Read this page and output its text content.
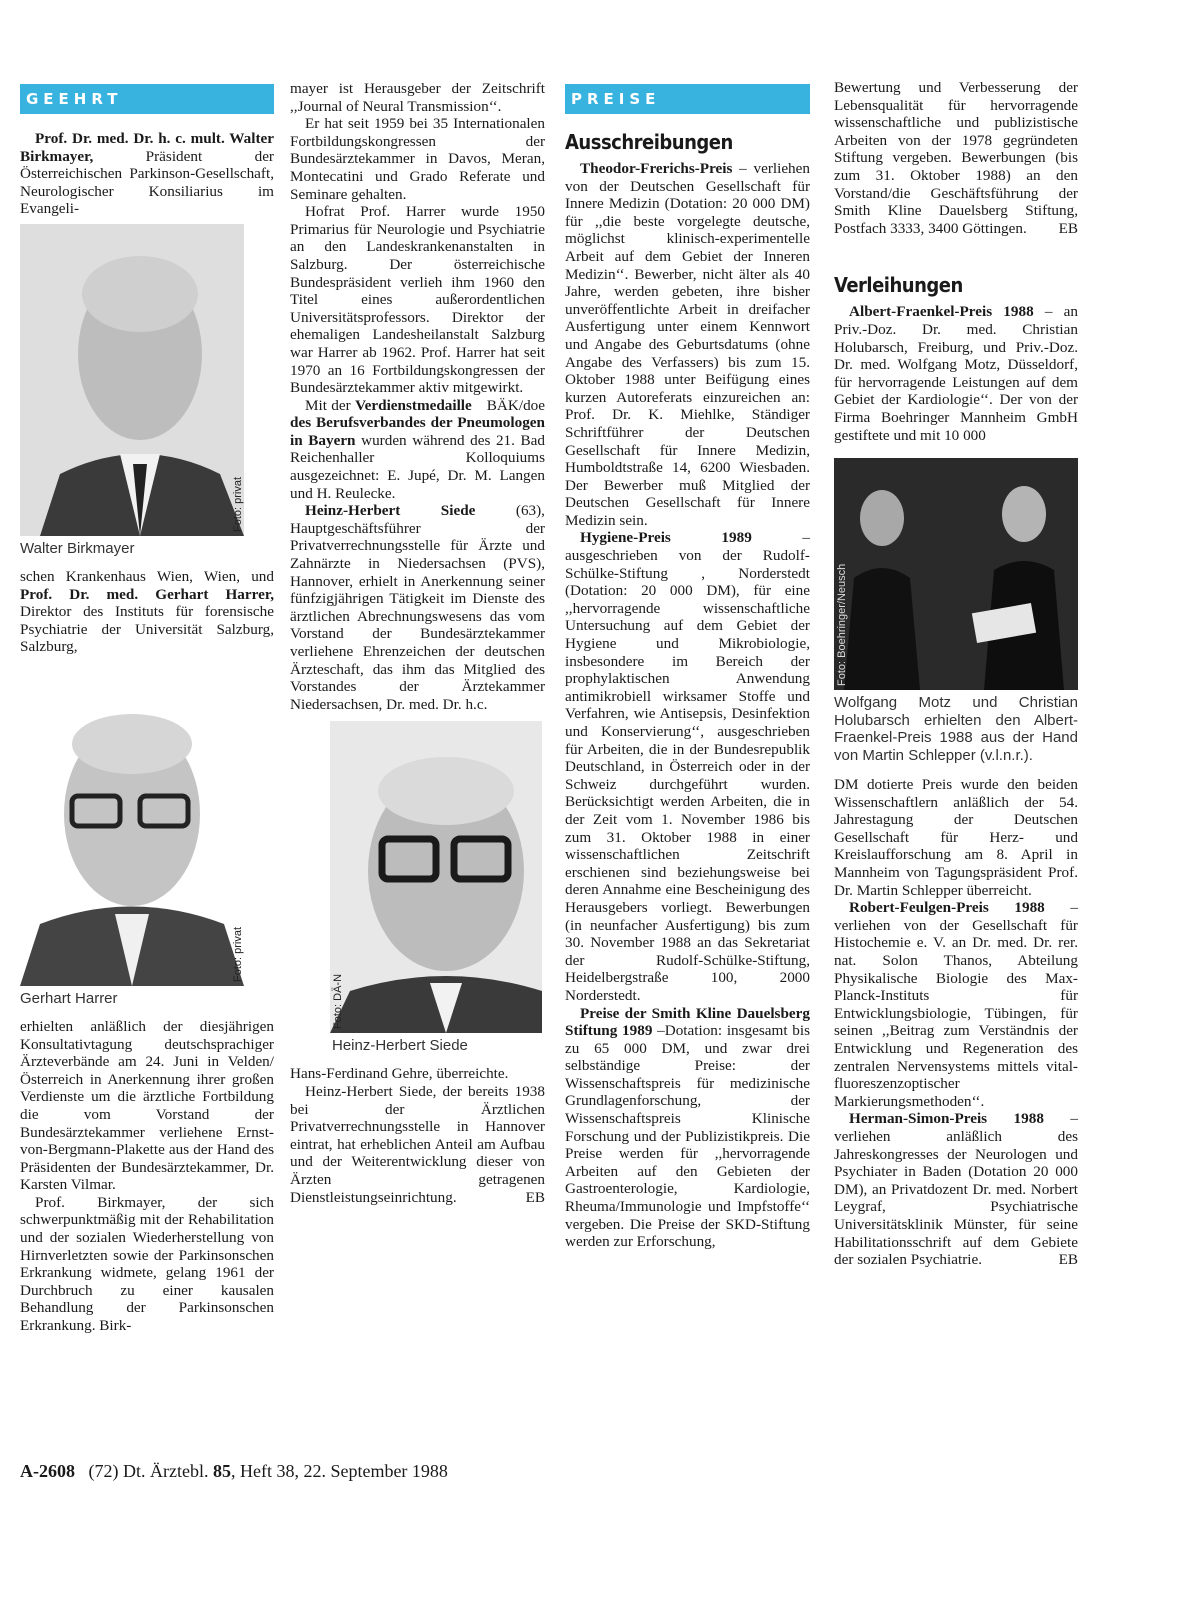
GEEHRT

Prof. Dr. med. Dr. h. c. mult. Walter Birkmayer, Präsident der Österreichischen Parkinson-Gesellschaft, Neurologischer Konsiliarius im Evangeli-

Foto: privat
Walter Birkmayer

schen Krankenhaus Wien, Wien, und Prof. Dr. med. Gerhart Harrer, Direktor des Instituts für forensische Psychiatrie der Universität Salzburg, Salzburg,

Foto: privat
Gerhart Harrer

erhielten anläßlich der diesjährigen Konsultativtagung deutschsprachiger Ärzteverbände am 24. Juni in Velden/Österreich in Anerkennung ihrer großen Verdienste um die ärztliche Fortbildung die vom Vorstand der Bundesärztekammer verliehene Ernst-von-Bergmann-Plakette aus der Hand des Präsidenten der Bundesärztekammer, Dr. Karsten Vilmar.

Prof. Birkmayer, der sich schwerpunktmäßig mit der Rehabilitation und der sozialen Wiederherstellung von Hirnverletzten sowie der Parkinsonschen Erkrankung widmete, gelang 1961 der Durchbruch zu einer kausalen Behandlung der Parkinsonschen Erkrankung. Birk-

mayer ist Herausgeber der Zeitschrift ,,Journal of Neural Transmission‘‘.

Er hat seit 1959 bei 35 Internationalen Fortbildungskongressen der Bundesärztekammer in Davos, Meran, Montecatini und Grado Referate und Seminare gehalten.

Hofrat Prof. Harrer wurde 1950 Primarius für Neurologie und Psychiatrie an den Landeskrankenanstalten in Salzburg. Der österreichische Bundespräsident verlieh ihm 1960 den Titel eines außerordentlichen Universitätsprofessors. Direktor der ehemaligen Landesheilanstalt Salzburg war Harrer ab 1962. Prof. Harrer hat seit 1970 an 16 Fortbildungskongressen der Bundesärztekammer aktiv mitgewirkt.
BÄK/doe

Mit der Verdienstmedaille des Berufsverbandes der Pneumologen in Bayern wurden während des 21. Bad Reichenhaller Kolloquiums ausgezeichnet: E. Jupé, Dr. M. Langen und H. Reulecke.

Heinz-Herbert Siede (63), Hauptgeschäftsführer der Privatverrechnungsstelle für Ärzte und Zahnärzte in Niedersachsen (PVS), Hannover, erhielt in Anerkennung seiner fünfzigjährigen Tätigkeit im Dienste des ärztlichen Abrechnungswesens das vom Vorstand der Bundesärztekammer verliehene Ehrenzeichen der deutschen Ärzteschaft, das ihm das Mitglied des Vorstandes der Ärztekammer Niedersachsen, Dr. med. Dr. h.c.

Foto: DÄ-N
Heinz-Herbert Siede

Hans-Ferdinand Gehre, überreichte.

Heinz-Herbert Siede, der bereits 1938 bei der Ärztlichen Privatverrechnungsstelle in Hannover eintrat, hat erheblichen Anteil am Aufbau und der Weiterentwicklung dieser von Ärzten getragenen Dienstleistungseinrichtung.	EB

PREISE
Ausschreibungen

Theodor-Frerichs-Preis – verliehen von der Deutschen Gesellschaft für Innere Medizin (Dotation: 20 000 DM) für ,,die beste vorgelegte deutsche, möglichst klinisch-experimentelle Arbeit auf dem Gebiet der Inneren Medizin‘‘. Bewerber, nicht älter als 40 Jahre, werden gebeten, ihre bisher unveröffentlichte Arbeit in dreifacher Ausfertigung unter einem Kennwort und Angabe des Geburtsdatums (ohne Angabe des Verfassers) bis zum 15. Oktober 1988 unter Beifügung eines kurzen Autoreferats einzureichen an: Prof. Dr. K. Miehlke, Ständiger Schriftführer der Deutschen Gesellschaft für Innere Medizin, Humboldtstraße 14, 6200 Wiesbaden. Der Bewerber muß Mitglied der Deutschen Gesellschaft für Innere Medizin sein.

Hygiene-Preis 1989 – ausgeschrieben von der Rudolf-Schülke-Stiftung , Norderstedt (Dotation: 20 000 DM), für eine ,,hervorragende wissenschaftliche Untersuchung auf dem Gebiet der Hygiene und Mikrobiologie, insbesondere im Bereich der prophylaktischen Anwendung antimikrobiell wirksamer Stoffe und Verfahren, wie Antisepsis, Desinfektion und Konservierung‘‘, ausgeschrieben für Arbeiten, die in der Bundesrepublik Deutschland, in Österreich oder in der Schweiz durchgeführt wurden. Berücksichtigt werden Arbeiten, die in der Zeit vom 1. November 1986 bis zum 31. Oktober 1988 in einer wissenschaftlichen Zeitschrift erschienen sind beziehungsweise bei deren Annahme eine Bescheinigung des Herausgebers vorliegt. Bewerbungen (in neunfacher Ausfertigung) bis zum 30. November 1988 an das Sekretariat der Rudolf-Schülke-Stiftung, Heidelbergstraße 100, 2000 Norderstedt.

Preise der Smith Kline Dauelsberg Stiftung 1989 –Dotation: insgesamt bis zu 65 000 DM, und zwar drei selbständige Preise: der Wissenschaftspreis für medizinische Grundlagenforschung, der Wissenschaftspreis Klinische Forschung und der Publizistikpreis. Die Preise werden für ,,hervorragende Arbeiten auf den Gebieten der Gastroenterologie, Kardiologie, Rheuma/Immunologie und Impfstoffe‘‘ vergeben. Die Preise der SKD-Stiftung werden zur Erforschung,

Bewertung und Verbesserung der Lebensqualität für hervorragende wissenschaftliche und publizistische Arbeiten von der 1978 gegründeten Stiftung vergeben. Bewerbungen (bis zum 31. Oktober 1988) an den Vorstand/die Geschäftsführung der Smith Kline Dauelsberg Stiftung, Postfach 3333, 3400 Göttingen. EB

Verleihungen

Albert-Fraenkel-Preis 1988 – an Priv.-Doz. Dr. med. Christian Holubarsch, Freiburg, und Priv.-Doz. Dr. med. Wolfgang Motz, Düsseldorf, für hervorragende Leistungen auf dem Gebiet der Kardiologie‘‘. Der von der Firma Boehringer Mannheim GmbH gestiftete und mit 10 000

Foto: Boehringer/Neusch
Wolfgang Motz und Christian Holubarsch erhielten den Albert-Fraenkel-Preis 1988 aus der Hand von Martin Schlepper (v.l.n.r.).

DM dotierte Preis wurde den beiden Wissenschaftlern anläßlich der 54. Jahrestagung der Deutschen Gesellschaft für Herz- und Kreislaufforschung am 8. April in Mannheim von Tagungspräsident Prof. Dr. Martin Schlepper überreicht.

Robert-Feulgen-Preis 1988 – verliehen von der Gesellschaft für Histochemie e. V. an Dr. med. Dr. rer. nat. Solon Thanos, Abteilung Physikalische Biologie des Max-Planck-Instituts für Entwicklungsbiologie, Tübingen, für seinen ,,Beitrag zum Verständnis der Entwicklung und Regeneration des zentralen Nervensystems mittels vital-fluoreszenzoptischer Markierungsmethoden‘‘.

Herman-Simon-Preis 1988 – verliehen anläßlich des Jahreskongresses der Neurologen und Psychiater in Baden (Dotation 20 000 DM), an Privatdozent Dr. med. Norbert Leygraf, Psychiatrische Universitätsklinik Münster, für seine Habilitationsschrift auf dem Gebiete der sozialen Psychiatrie.	EB

A-2608 (72) Dt. Ärztebl. 85, Heft 38, 22. September 1988
